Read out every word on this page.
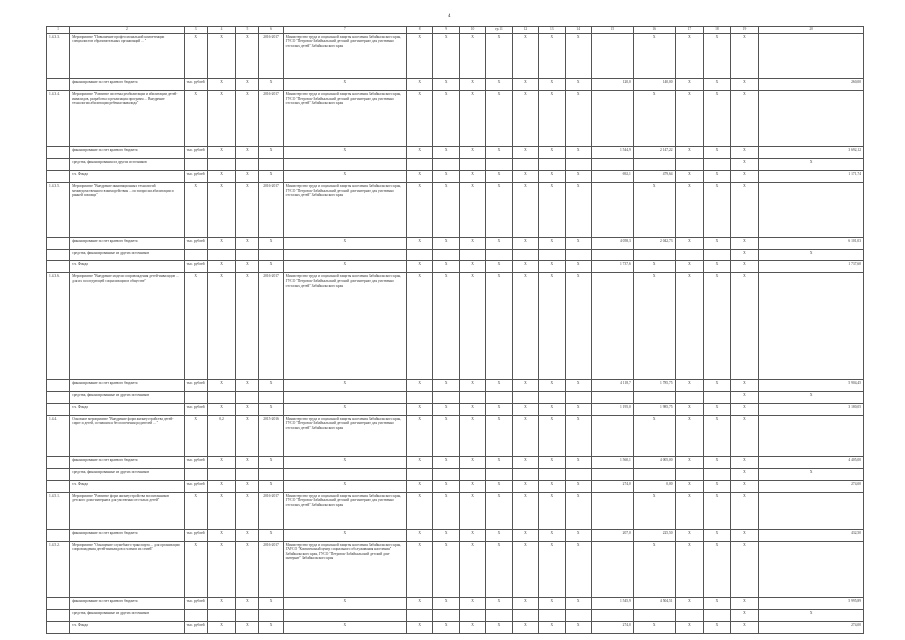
4
1	2	3	4	5	6	7	8	9	10	гр.11	12	13	14	15	16	17	18	19	20
1.4.3.3.	Мероприятие "Повышение профессиональной компетенции специалистов образовательных организаций ... "	X	X	X	2016-2017	Министерство труда и социальной защиты населения Забайкальского края, ГУСО "Петровск-Забайкальский детский дом-интернат для умственно отсталых детей" Забайкальского края	X	X	X	X	X	X	X		X	X	X	X	
	финансирование за счет краевого бюджета	тыс. рублей	X	X	X	X	X	X	X	X	X	X	X	120,0	140,00	X	X	X	260,00
1.4.3.4.	Мероприятие "Развитие системы реабилитации и абилитации детей-инвалидов, разработка и реализация программ ... Внедрение технологии абилитации ребенка-инвалида"	X	X	X	2016-2017	Министерство труда и социальной защиты населения Забайкальского края, ГУСО "Петровск-Забайкальский детский дом-интернат для умственно отсталых детей" Забайкальского края	X	X	X	X	X	X	X		X	X	X	X	
	финансирование за счет краевого бюджета	тыс. рублей	X	X	X	X	X	X	X	X	X	X	X	1 544,9	2 147,22	X	X	X	3 692,12
	средства, финансирования из других источников																	X	X
	т.ч. Фонда	тыс. рублей	X	X	X	X	X	X	X	X	X	X	X	692,1	479,64	X	X	X	1 171,74
1.4.3.5.	Мероприятие "Внедрение инновационных технологий межведомственного взаимодействия ... по вопросам абилитации и ранней помощи"	X	X	X	2016-2017	Министерство труда и социальной защиты населения Забайкальского края, ГУСО "Петровск-Забайкальский детский дом-интернат для умственно отсталых детей" Забайкальского края	X	X	X	X	X	X	X		X	X	X	X	
	финансирование за счет краевого бюджета	тыс. рублей	X	X	X	X	X	X	X	X	X	X	X	4 058,3	2 042,73	X	X	X	6 101,03
	средства, финансированные из других источников																	X	X
	т.ч. Фонда	тыс. рублей	X	X	X	X	X	X	X	X	X	X	X	1 737,6	X	X	X	X	1 737,60
1.4.3.6.	Мероприятие "Внедрение модели сопровождения детей-инвалидов ... для их последующей социализации в обществе"	X	X	X	2016-2017	Министерство труда и социальной защиты населения Забайкальского края, ГУСО "Петровск-Забайкальский детский дом-интернат для умственно отсталых детей" Забайкальского края	X	X	X	X	X	X	X		X	X	X	X	
	финансирование за счет краевого бюджета	тыс. рублей	X	X	X	X	X	X	X	X	X	X	X	4 118,7	1 785,75	X	X	X	5 904,45
	средства, финансированные из других источников																	X	X
	т.ч. Фонда	тыс. рублей	X	X	X	X	X	X	X	X	X	X	X	1 195,0	1 985,75	X	X	X	3 180,05
1.4.4.	Основное мероприятие "Внедрение форм жизнеустройства детей-сирот и детей, оставшихся без попечения родителей ... "	X	0,2	X	2015-2016	Министерство труда и социальной защиты населения Забайкальского края, ГУСО "Петровск-Забайкальский детский дом-интернат для умственно отсталых детей" Забайкальского края	X	X	X	X	X	X	X		X	X	X	X	
	финансирование за счет краевого бюджета	тыс. рублей	X	X	X	X	X	X	X	X	X	X	X	1 560,1	4 005,00	X	X	X	4 405,00
	средства, финансированные из других источников																	X	X
	т.ч. Фонда	тыс. рублей	X	X	X	X	X	X	X	X	X	X	X	274,0	0,00	X	X	X	274,00
1.4.5.1.	Мероприятие "Развитие форм жизнеустройства воспитанников детского дома-интерната для умственно отсталых детей"	X	X	X	2016-2017	Министерство труда и социальной защиты населения Забайкальского края, ГУСО "Петровск-Забайкальский детский дом-интернат для умственно отсталых детей" Забайкальского края	X	X	X	X	X	X	X		X	X	X	X	
	финансирование за счет краевого бюджета	тыс. рублей	X	X	X	X	X	X	X	X	X	X	X	207,0	225,50	X	X	X	432,50
1.4.5.2.	Мероприятие "Оснащение служебного транспорта ... для организации сопровождения детей-инвалидов и членов их семей"	X	X	X	2016-2017	Министерство труда и социальной защиты населения Забайкальского края, ГАУСО "Комплексный центр социального обслуживания населения" Забайкальского края, ГУСО "Петровск-Забайкальский детский дом-интернат" Забайкальского края	X	X	X	X	X	X	X		X	X	X	X	
	финансирование за счет краевого бюджета	тыс. рублей	X	X	X	X	X	X	X	X	X	X	X	1 545,9	4 504,51	X	X	X	5 995,89
	средства, финансированные из других источников																	X	X
	т.ч. Фонда	тыс. рублей	X	X	X	X	X	X	X	X	X	X	X	274,0	X	X	X	X	274,00
